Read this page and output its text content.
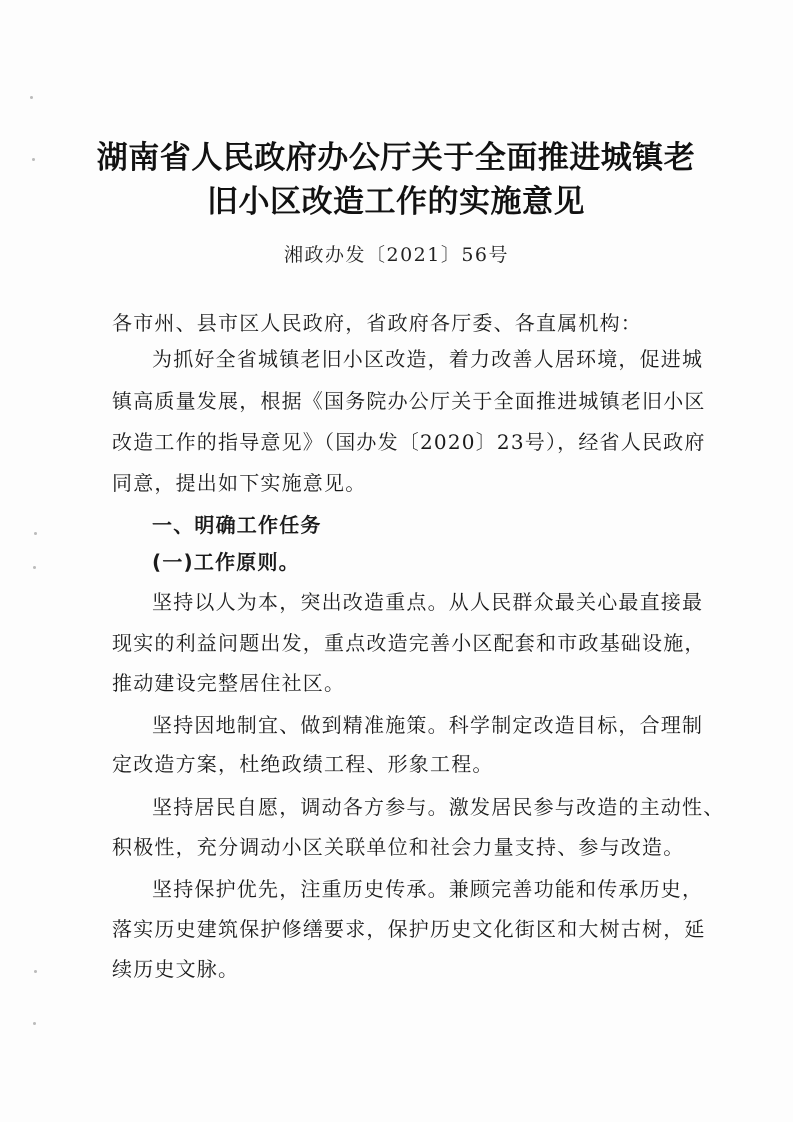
湖南省人民政府办公厅关于全面推进城镇老
旧小区改造工作的实施意见
湘政办发〔2021〕56号
各市州、县市区人民政府，省政府各厅委、各直属机构：
为抓好全省城镇老旧小区改造，着力改善人居环境，促进城
镇高质量发展，根据《国务院办公厅关于全面推进城镇老旧小区
改造工作的指导意见》（国办发〔2020〕23号），经省人民政府
同意，提出如下实施意见。
一、明确工作任务
(一)工作原则。
坚持以人为本，突出改造重点。从人民群众最关心最直接最
现实的利益问题出发，重点改造完善小区配套和市政基础设施，
推动建设完整居住社区。
坚持因地制宜、做到精准施策。科学制定改造目标，合理制
定改造方案，杜绝政绩工程、形象工程。
坚持居民自愿，调动各方参与。激发居民参与改造的主动性、
积极性，充分调动小区关联单位和社会力量支持、参与改造。
坚持保护优先，注重历史传承。兼顾完善功能和传承历史，
落实历史建筑保护修缮要求，保护历史文化街区和大树古树，延
续历史文脉。
